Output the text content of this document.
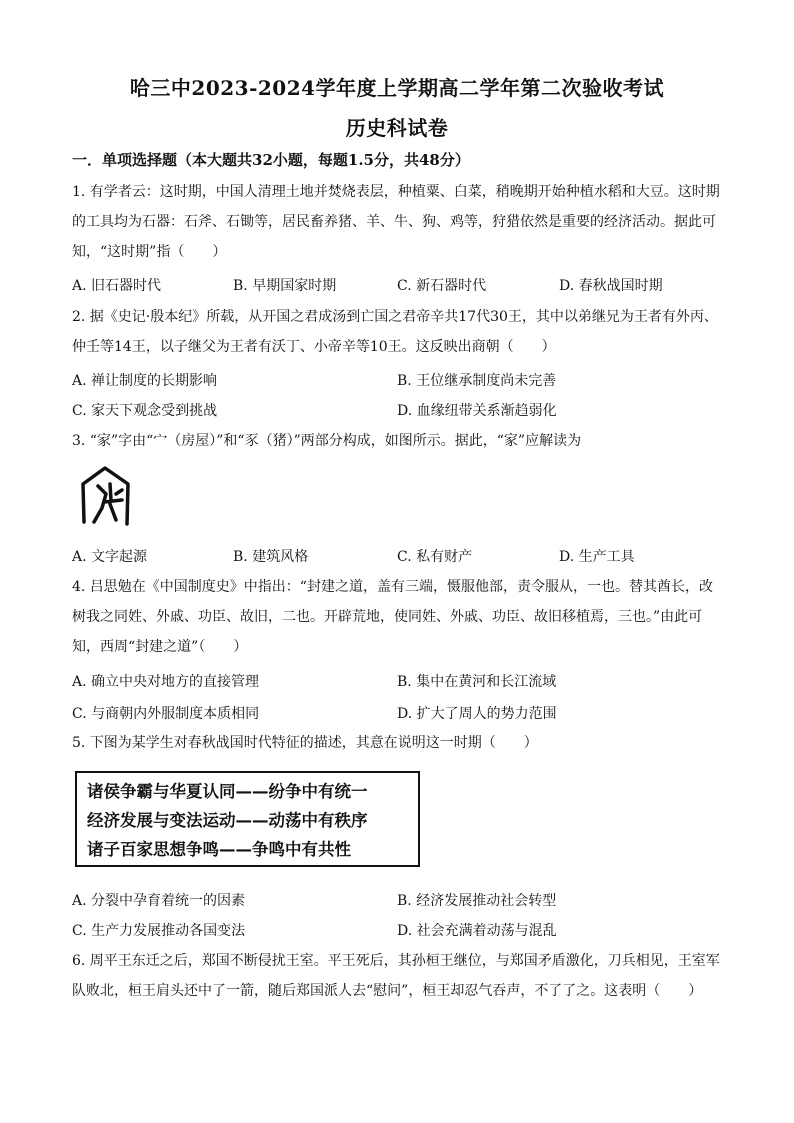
哈三中2023-2024学年度上学期高二学年第二次验收考试
历史科试卷
一．单项选择题（本大题共32小题，每题1.5分，共48分）
1. 有学者云：这时期，中国人清理土地并焚烧表层，种植粟、白菜，稍晚期开始种植水稻和大豆。这时期
的工具均为石器：石斧、石锄等，居民畜养猪、羊、牛、狗、鸡等，狩猎依然是重要的经济活动。据此可
知，“这时期”指（　　）
A. 旧石器时代	B. 早期国家时期	C. 新石器时代	D. 春秋战国时期
2. 据《史记·殷本纪》所载，从开国之君成汤到亡国之君帝辛共17代30王，其中以弟继兄为王者有外丙、
仲壬等14王，以子继父为王者有沃丁、小帝辛等10王。这反映出商朝（　　）
A. 禅让制度的长期影响	B. 王位继承制度尚未完善
C. 家天下观念受到挑战	D. 血缘纽带关系渐趋弱化
3. “家”字由“宀（房屋）”和“豕（猪）”两部分构成，如图所示。据此，“家”应解读为
A. 文字起源	B. 建筑风格	C. 私有财产	D. 生产工具
4. 吕思勉在《中国制度史》中指出：“封建之道，盖有三端，慑服他部，责令服从，一也。替其酋长，改
树我之同姓、外戚、功臣、故旧，二也。开辟荒地，使同姓、外戚、功臣、故旧移植焉，三也。”由此可
知，西周“封建之道”（　　）
A. 确立中央对地方的直接管理	B. 集中在黄河和长江流域
C. 与商朝内外服制度本质相同	D. 扩大了周人的势力范围
5. 下图为某学生对春秋战国时代特征的描述，其意在说明这一时期（　　）
诸侯争霸与华夏认同——纷争中有统一
经济发展与变法运动——动荡中有秩序
诸子百家思想争鸣——争鸣中有共性
A. 分裂中孕育着统一的因素	B. 经济发展推动社会转型
C. 生产力发展推动各国变法	D. 社会充满着动荡与混乱
6. 周平王东迁之后，郑国不断侵扰王室。平王死后，其孙桓王继位，与郑国矛盾激化，刀兵相见，王室军
队败北，桓王肩头还中了一箭，随后郑国派人去“慰问”，桓王却忍气吞声，不了了之。这表明（　　）
